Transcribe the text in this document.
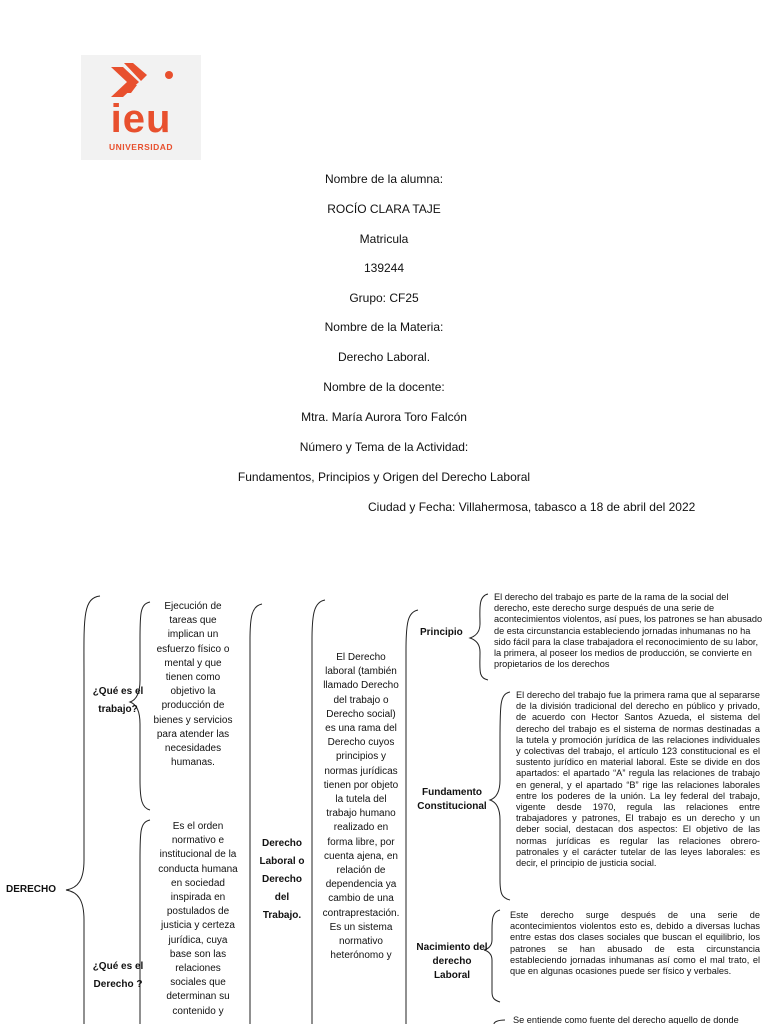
ieu
UNIVERSIDAD
Nombre de la alumna:
ROCÍO CLARA TAJE
Matricula
139244
Grupo: CF25
Nombre de la Materia:
Derecho Laboral.
Nombre de la docente:
Mtra. María Aurora Toro Falcón
Número y Tema de la Actividad:
Fundamentos, Principios y Origen del Derecho Laboral
Ciudad y Fecha: Villahermosa, tabasco a 18 de abril del 2022
DERECHO
¿Qué es el trabajo?
Ejecución de tareas que implican un esfuerzo físico o mental y que tienen como objetivo la producción de bienes y servicios para atender las necesidades humanas.
¿Qué es el Derecho ?
Es el orden normativo e institucional de la conducta humana en sociedad inspirada en postulados de justicia y certeza jurídica, cuya base son las relaciones sociales que determinan su contenido y
Derecho Laboral o Derecho del Trabajo.
El Derecho laboral (también llamado Derecho del trabajo o Derecho social) es una rama del Derecho cuyos principios y normas jurídicas tienen por objeto la tutela del trabajo humano realizado en forma libre, por cuenta ajena, en relación de dependencia ya cambio de una contraprestación. Es un sistema normativo heterónomo y
Principio
El derecho del trabajo es parte de la rama de la social del derecho, este derecho surge después de una serie de acontecimientos violentos, así pues, los patrones se han abusado de esta circunstancia estableciendo jornadas inhumanas no ha sido fácil para la clase trabajadora el reconocimiento de su labor, la primera, al poseer los medios de producción, se convierte en propietarios de los derechos
Fundamento Constitucional
El derecho del trabajo fue la primera rama que al separarse de la división tradicional del derecho en público y privado, de acuerdo con Hector Santos Azueda, el sistema del derecho del trabajo es el sistema de normas destinadas a la tutela y promoción jurídica de las relaciones individuales y colectivas del trabajo, el artículo 123 constitucional es el sustento jurídico en material laboral. Este se divide en dos apartados: el apartado “A” regula las relaciones de trabajo en general, y el apartado “B” rige las relaciones laborales entre los poderes de la unión. La ley federal del trabajo, vigente desde 1970, regula las relaciones entre trabajadores y patrones, El trabajo es un derecho y un deber social, destacan dos aspectos: El objetivo de las normas jurídicas es regular las relaciones obrero-patronales y el carácter tutelar de las leyes laborales: es decir, el principio de justicia social.
Nacimiento del derecho Laboral
Este derecho surge después de una serie de acontecimientos violentos esto es, debido a diversas luchas entre estas dos clases sociales que buscan el equilibrio, los patrones se han abusado de esta circunstancia estableciendo jornadas inhumanas así como el mal trato, el que en algunas ocasiones puede ser físico y verbales.
Se entiende como fuente del derecho aquello de donde
